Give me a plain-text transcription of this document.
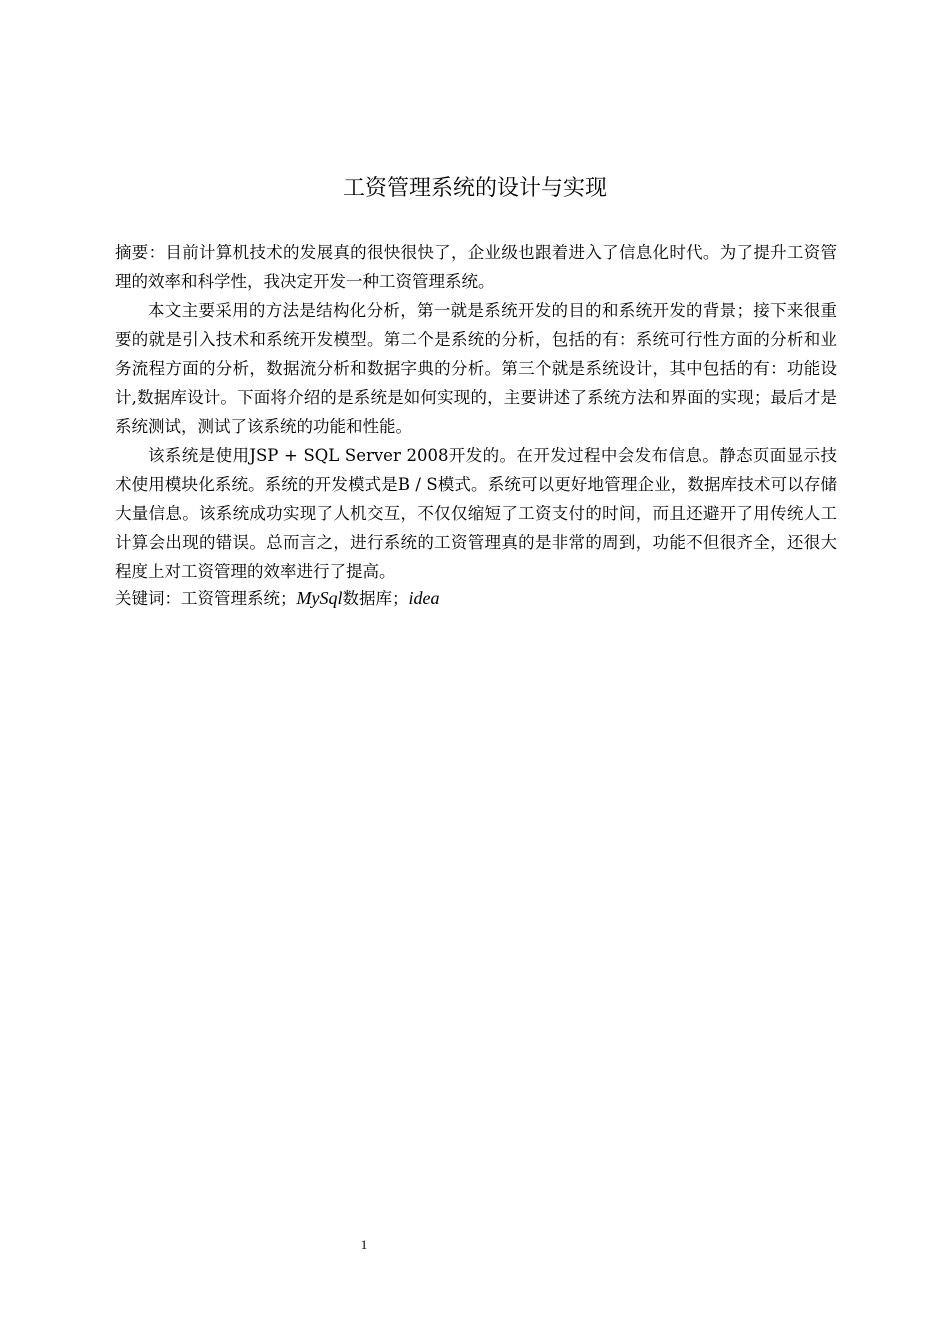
工资管理系统的设计与实现

摘要：目前计算机技术的发展真的很快很快了，企业级也跟着进入了信息化时代。为了提升工资管理的效率和科学性，我决定开发一种工资管理系统。

本文主要采用的方法是结构化分析，第一就是系统开发的目的和系统开发的背景；接下来很重要的就是引入技术和系统开发模型。第二个是系统的分析，包括的有：系统可行性方面的分析和业务流程方面的分析，数据流分析和数据字典的分析。第三个就是系统设计，其中包括的有：功能设计,数据库设计。下面将介绍的是系统是如何实现的，主要讲述了系统方法和界面的实现；最后才是系统测试，测试了该系统的功能和性能。

该系统是使用JSP + SQL Server 2008开发的。在开发过程中会发布信息。静态页面显示技术使用模块化系统。系统的开发模式是B / S模式。系统可以更好地管理企业，数据库技术可以存储大量信息。该系统成功实现了人机交互，不仅仅缩短了工资支付的时间，而且还避开了用传统人工计算会出现的错误。总而言之，进行系统的工资管理真的是非常的周到，功能不但很齐全，还很大程度上对工资管理的效率进行了提高。

关键词：工资管理系统；MySql数据库；idea

1
